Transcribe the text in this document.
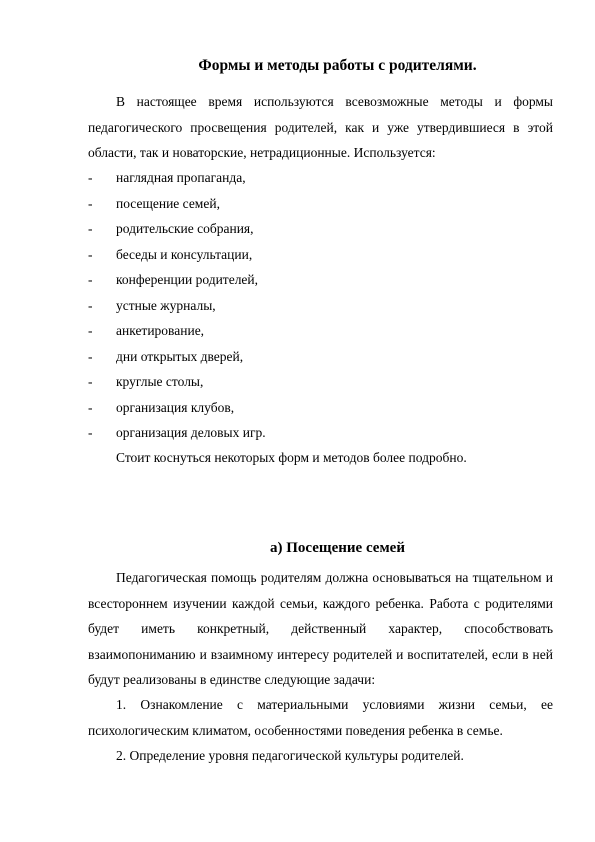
Формы и методы работы с родителями.
В настоящее время используются всевозможные методы и формы педагогического просвещения родителей, как и уже утвердившиеся в этой области, так и новаторские, нетрадиционные. Используется:
- наглядная пропаганда,
- посещение семей,
- родительские собрания,
- беседы и консультации,
- конференции родителей,
- устные журналы,
- анкетирование,
- дни открытых дверей,
- круглые столы,
- организация клубов,
- организация деловых игр.
Стоит коснуться некоторых форм и методов более подробно.
а) Посещение семей
Педагогическая помощь родителям должна основываться на тщательном и всестороннем изучении каждой семьи, каждого ребенка. Работа с родителями будет иметь конкретный, действенный характер, способствовать взаимопониманию и взаимному интересу родителей и воспитателей, если в ней будут реализованы в единстве следующие задачи:
1. Ознакомление с материальными условиями жизни семьи, ее психологическим климатом, особенностями поведения ребенка в семье.
2. Определение уровня педагогической культуры родителей.
